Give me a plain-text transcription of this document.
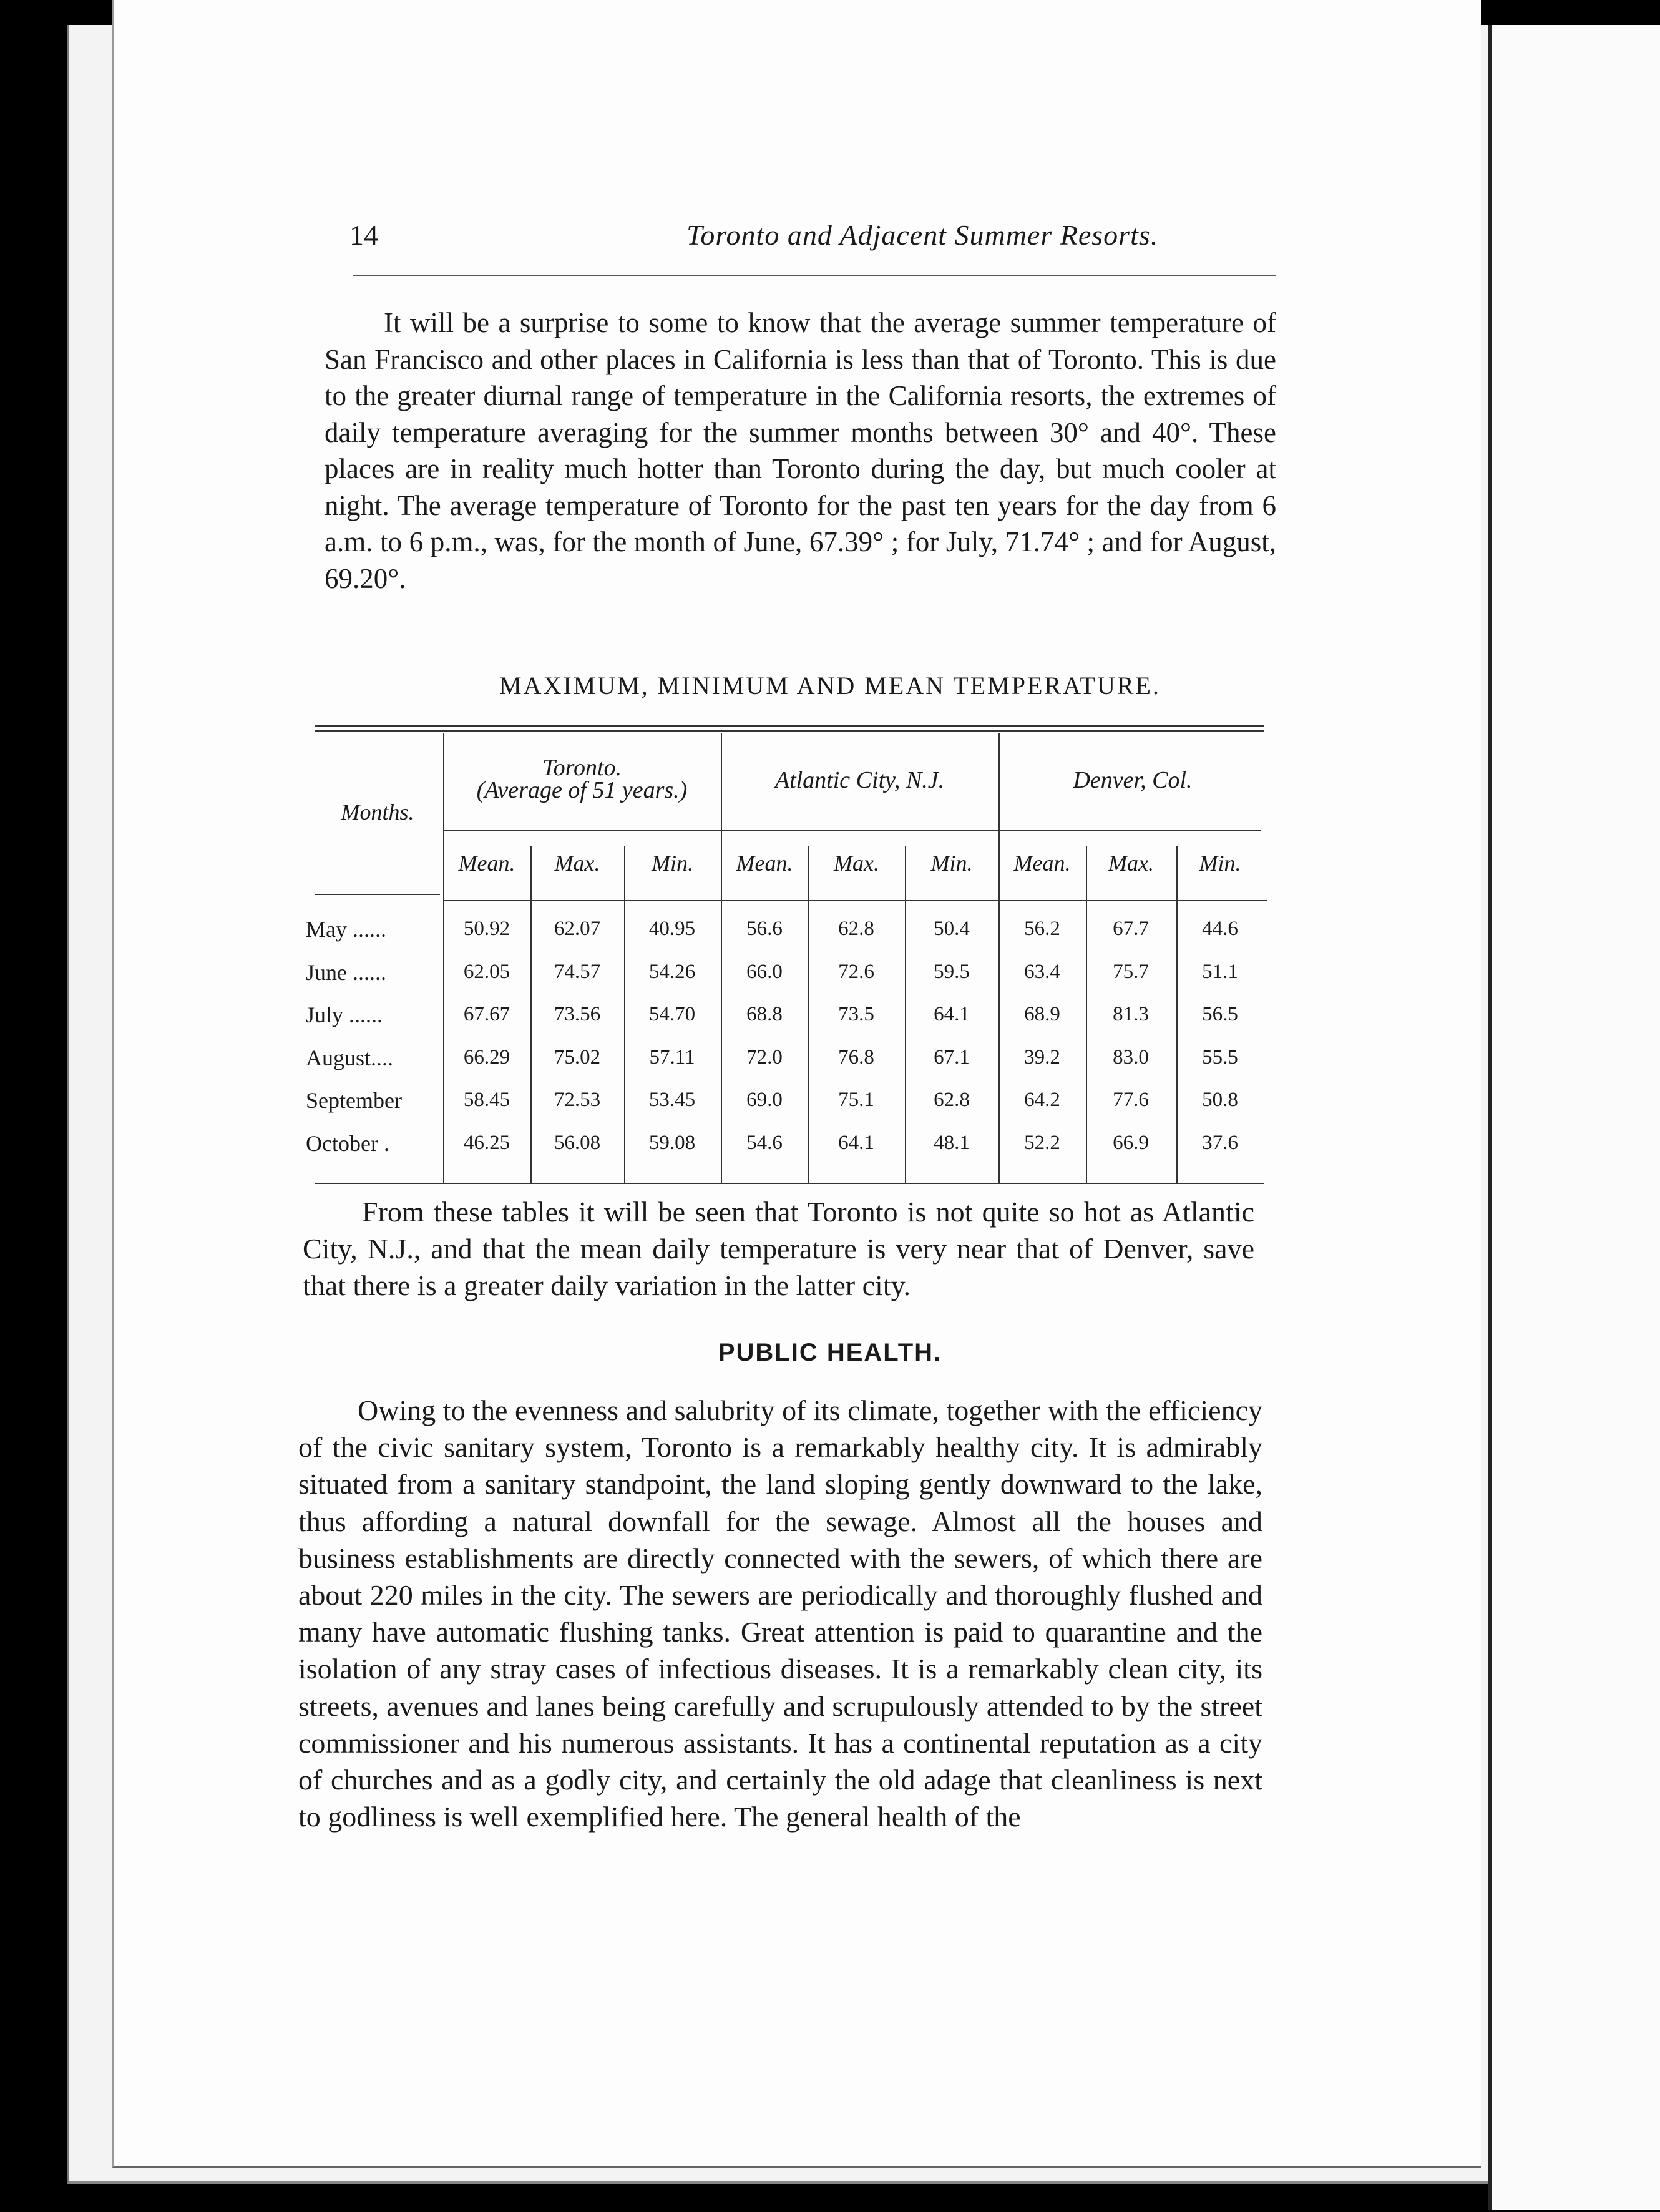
14	Toronto and Adjacent Summer Resorts.

It will be a surprise to some to know that the average summer temperature of San Francisco and other places in California is less than that of Toronto. This is due to the greater diurnal range of temperature in the California resorts, the extremes of daily temperature averaging for the summer months between 30° and 40°. These places are in reality much hotter than Toronto during the day, but much cooler at night. The average temperature of Toronto for the past ten years for the day from 6 a.m. to 6 p.m., was, for the month of June, 67.39° ; for July, 71.74° ; and for August, 69.20°.

MAXIMUM, MINIMUM AND MEAN TEMPERATURE.
Toronto.
(Average of 51 years.)	Atlantic City, N.J.	Denver, Col.
Months.
Mean.	Max.	Min.	Mean.	Max.	Min.	Mean.	Max.	Min.
May ......	50.92	62.07	40.95	56.6	62.8	50.4	56.2	67.7	44.6
June ......	62.05	74.57	54.26	66.0	72.6	59.5	63.4	75.7	51.1
July ......	67.67	73.56	54.70	68.8	73.5	64.1	68.9	81.3	56.5
August....	66.29	75.02	57.11	72.0	76.8	67.1	39.2	83.0	55.5
September	58.45	72.53	53.45	69.0	75.1	62.8	64.2	77.6	50.8
October .	46.25	56.08	59.08	54.6	64.1	48.1	52.2	66.9	37.6

From these tables it will be seen that Toronto is not quite so hot as Atlantic City, N.J., and that the mean daily temperature is very near that of Denver, save that there is a greater daily variation in the latter city.

PUBLIC HEALTH.

Owing to the evenness and salubrity of its climate, together with the efficiency of the civic sanitary system, Toronto is a remarkably healthy city. It is admirably situated from a sanitary standpoint, the land sloping gently downward to the lake, thus affording a natural downfall for the sewage. Almost all the houses and business establishments are directly connected with the sewers, of which there are about 220 miles in the city. The sewers are periodically and thoroughly flushed and many have automatic flushing tanks. Great attention is paid to quarantine and the isolation of any stray cases of infectious diseases. It is a remarkably clean city, its streets, avenues and lanes being carefully and scrupulously attended to by the street commissioner and his numerous assistants. It has a continental reputation as a city of churches and as a godly city, and certainly the old adage that cleanliness is next to godliness is well exemplified here. The general health of the
